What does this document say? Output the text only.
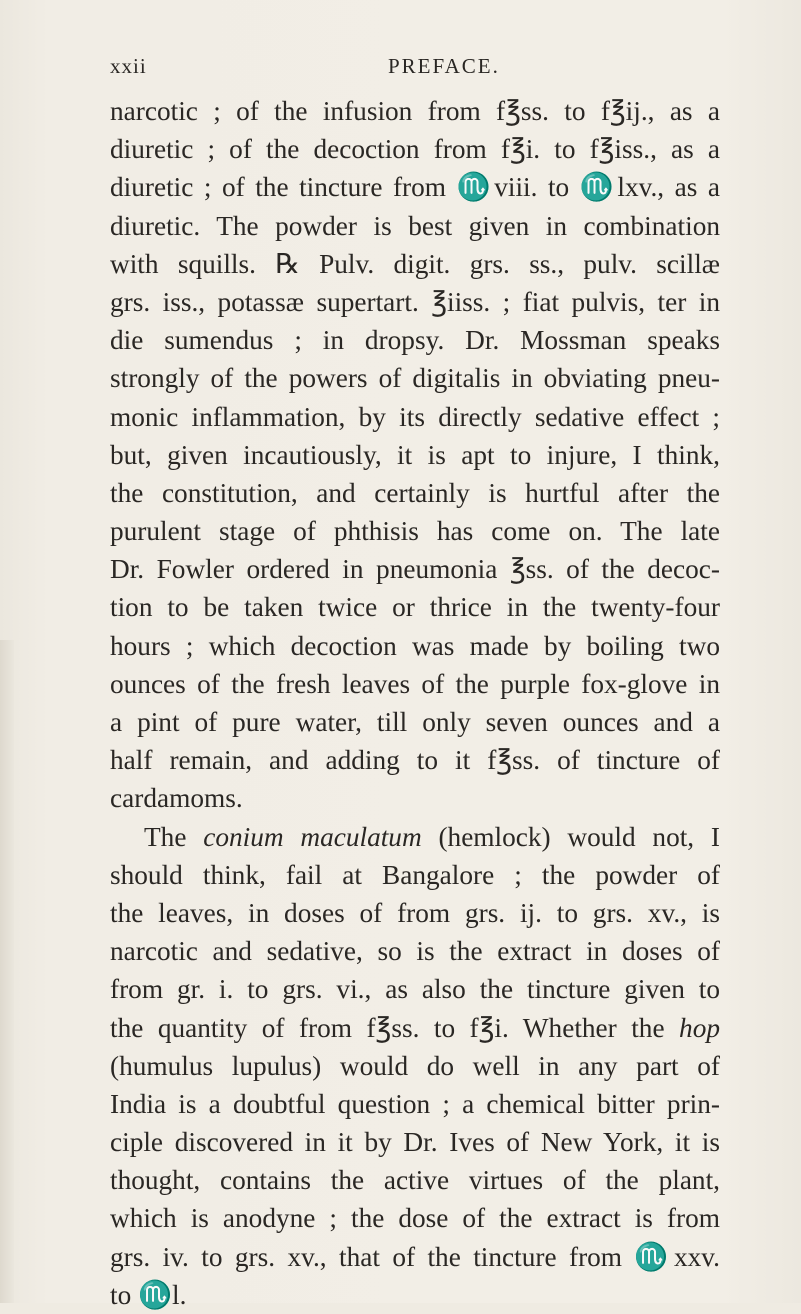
xxii	PREFACE.
narcotic ; of the infusion from f℥ss. to f℥ij., as a
diuretic ; of the decoction from f℥i. to f℥iss., as a
diuretic ; of the tincture from ♏viii. to ♏lxv., as a
diuretic. The powder is best given in combination
with squills. ℞ Pulv. digit. grs. ss., pulv. scillæ
grs. iss., potassæ supertart. ℥iiss. ; fiat pulvis, ter in
die sumendus ; in dropsy. Dr. Mossman speaks
strongly of the powers of digitalis in obviating pneu-
monic inflammation, by its directly sedative effect ;
but, given incautiously, it is apt to injure, I think,
the constitution, and certainly is hurtful after the
purulent stage of phthisis has come on. The late
Dr. Fowler ordered in pneumonia ℥ss. of the decoc-
tion to be taken twice or thrice in the twenty-four
hours ; which decoction was made by boiling two
ounces of the fresh leaves of the purple fox-glove in
a pint of pure water, till only seven ounces and a
half remain, and adding to it f℥ss. of tincture of
cardamoms.
The conium maculatum (hemlock) would not, I
should think, fail at Bangalore ; the powder of
the leaves, in doses of from grs. ij. to grs. xv., is
narcotic and sedative, so is the extract in doses of
from gr. i. to grs. vi., as also the tincture given to
the quantity of from f℥ss. to f℥i. Whether the hop
(humulus lupulus) would do well in any part of
India is a doubtful question ; a chemical bitter prin-
ciple discovered in it by Dr. Ives of New York, it is
thought, contains the active virtues of the plant,
which is anodyne ; the dose of the extract is from
grs. iv. to grs. xv., that of the tincture from ♏xxv.
to ♏l.
